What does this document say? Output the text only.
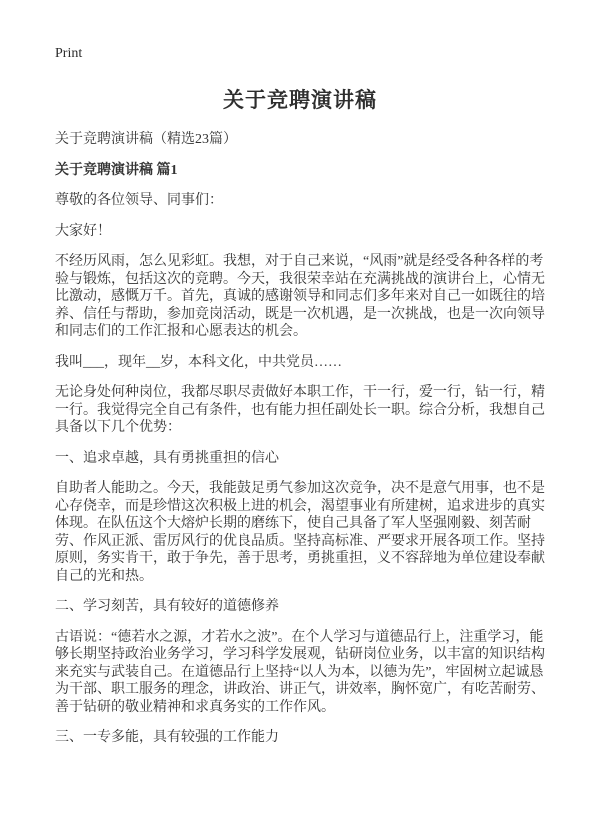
Print
关于竞聘演讲稿

关于竞聘演讲稿（精选23篇）

关于竞聘演讲稿 篇1

尊敬的各位领导、同事们：

大家好！

不经历风雨，怎么见彩虹。我想，对于自己来说，“风雨”就是经受各种各样的考验与锻炼，包括这次的竞聘。今天，我很荣幸站在充满挑战的演讲台上，心情无比激动，感慨万千。首先，真诚的感谢领导和同志们多年来对自己一如既往的培养、信任与帮助，参加竞岗活动，既是一次机遇，是一次挑战，也是一次向领导和同志们的工作汇报和心愿表达的机会。

我叫___，现年__岁，本科文化，中共党员……

无论身处何种岗位，我都尽职尽责做好本职工作，干一行，爱一行，钻一行，精一行。我觉得完全自己有条件，也有能力担任副处长一职。综合分析，我想自己具备以下几个优势：

一、追求卓越，具有勇挑重担的信心

自助者人能助之。今天，我能鼓足勇气参加这次竞争，决不是意气用事，也不是心存侥幸，而是珍惜这次积极上进的机会，渴望事业有所建树，追求进步的真实体现。在队伍这个大熔炉长期的磨练下，使自己具备了军人坚强刚毅、刻苦耐劳、作风正派、雷厉风行的优良品质。坚持高标准、严要求开展各项工作。坚持原则，务实肯干，敢于争先，善于思考，勇挑重担，义不容辞地为单位建设奉献自己的光和热。

二、学习刻苦，具有较好的道德修养

古语说：“德若水之源，才若水之波”。在个人学习与道德品行上，注重学习，能够长期坚持政治业务学习，学习科学发展观，钻研岗位业务，以丰富的知识结构来充实与武装自己。在道德品行上坚持“以人为本，以德为先”，牢固树立起诚恳为干部、职工服务的理念，讲政治、讲正气，讲效率，胸怀宽广，有吃苦耐劳、善于钻研的敬业精神和求真务实的工作作风。

三、一专多能，具有较强的工作能力
